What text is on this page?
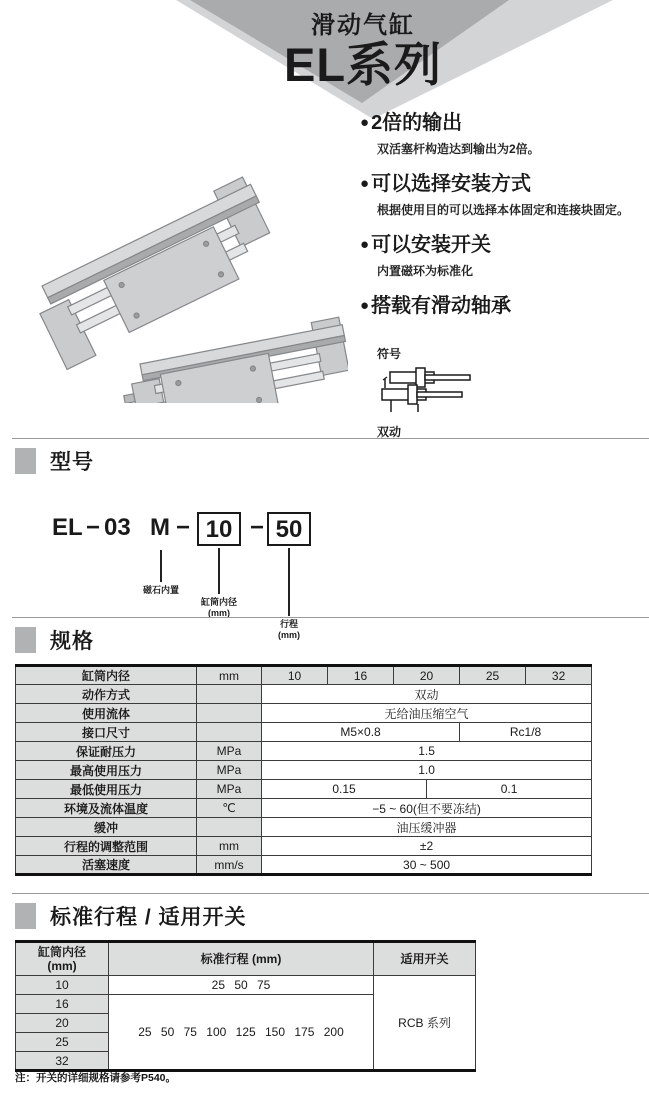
滑动气缸
EL系列
● 2倍的输出
双活塞杆构造达到输出为2倍。
● 可以选择安装方式
根据使用目的可以选择本体固定和连接块固定。
● 可以安装开关
内置磁环为标准化
● 搭载有滑动轴承
符号
双动
型号
EL − 03 M − 10 − 50
磁石内置
缸筒内径
(mm)
行程
(mm)
规格
缸筒内径	mm	10	16	20		25	32
动作方式		双动					
使用流体		无给油压缩空气					
接口尺寸		M5×0.8				Rc1/8	
保证耐压力	MPa	1.5					
最高使用压力	MPa	1.0					
最低使用压力	MPa	0.15			0.1		
环境及流体温度	℃	−5 ~ 60(但不要冻结)					
缓冲		油压缓冲器					
行程的调整范围	mm	±2					
活塞速度	mm/s	30 ~ 500					
标准行程 / 适用开关
缸筒内径
(mm)	标准行程 (mm)	适用开关
10	25 50 75	RCB 系列
16	25 50 75 100 125 150 175 200	
20		
25		
32		
注：开关的详细规格请参考P540。
